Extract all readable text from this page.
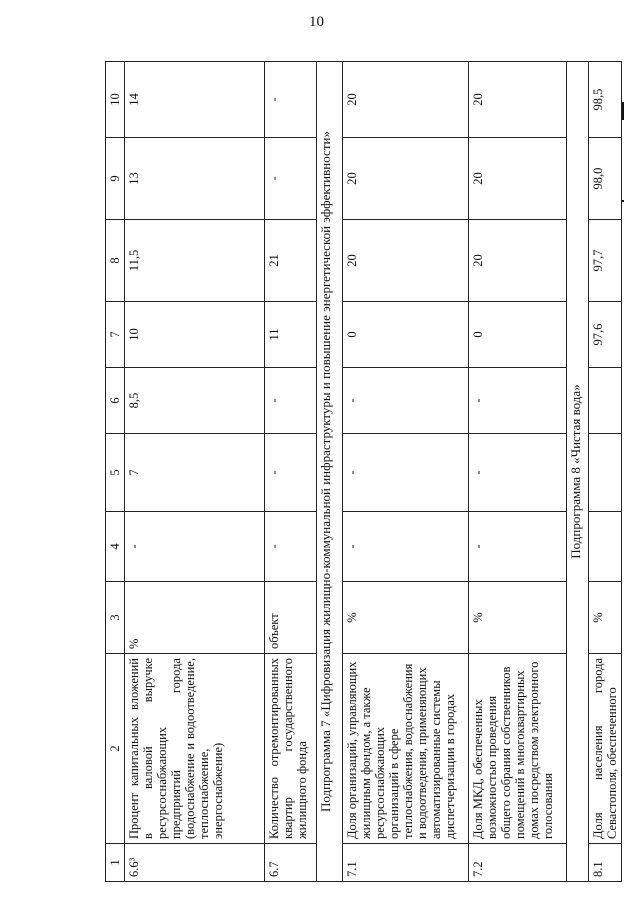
10
1	2	3	4	5	6	7	8	9	10
6.6³	Процент капитальных вложений в валовой выручке ресурсоснабжающих предприятий города (водоснабжение и водоотведение, теплоснабжение, энергоснабжение)	%	-	7	8,5	10	11,5	13	14
6.7	Количество отремонтированных квартир государственного жилищного фонда	объект	-	-	-	11	21	-	-
Подпрограмма 7 «Цифровизация жилищно-коммунальной инфраструктуры и повышение энергетической эффективности»									
7.1	Доля организаций, управляющих жилищным фондом, а также ресурсоснабжающих организаций в сфере теплоснабжения, водоснабжения и водоотведения, применяющих автоматизированные системы диспетчеризации в городах	%	-	-	-	0	20	20	20
7.2	Доля МКД, обеспеченных возможностью проведения общего собрания собственников помещений в многоквартирных домах посредством электронного голосования	%	-	-	-	0	20	20	20
Подпрограмма 8 «Чистая вода»									
8.1	Доля населения города Севастополя, обеспеченного	%				97,6	97,7	98,0	98,5
